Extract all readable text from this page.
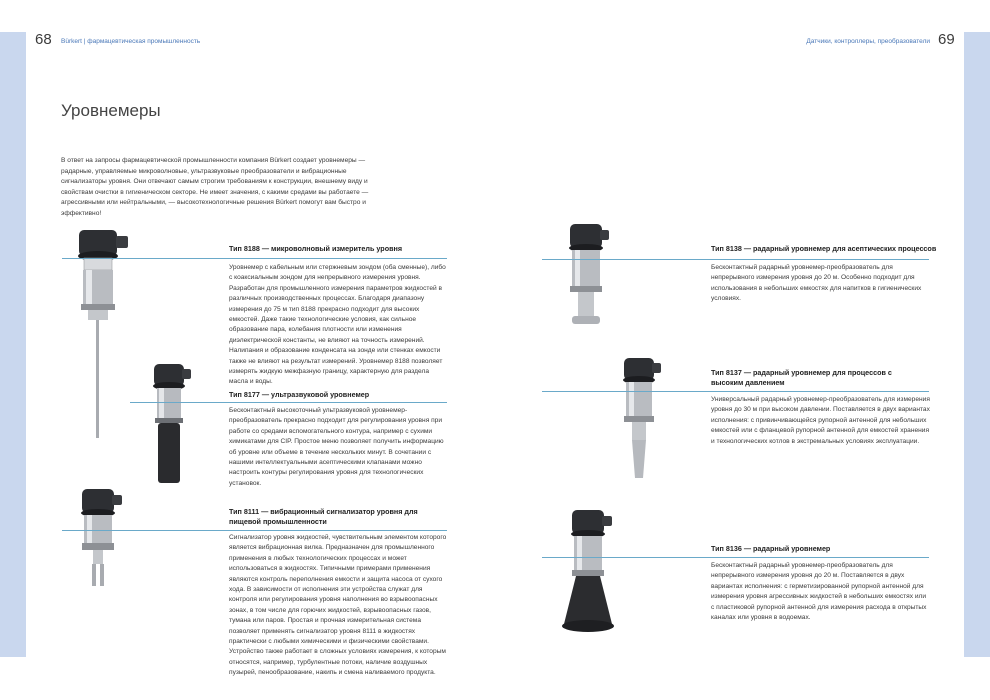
68 Bürkert | фармацевтическая промышленность	Датчики, контроллеры, преобразователи 69
Уровнемеры

В ответ на запросы фармацевтической промышленности компания Bürkert создает уровнемеры — радарные, управляемые микроволновые, ультразвуковые преобразователи и вибрационные сигнализаторы уровня. Они отвечают самым строгим требованиям к конструкции, внешнему виду и свойствам очистки в гигиеническом секторе. Не имеет значения, с какими средами вы работаете — агрессивными или нейтральными, — высокотехнологичные решения Bürkert помогут вам быстро и эффективно!

Тип 8188 — микроволновый измеритель уровня

Уровнемер с кабельным или стержневым зондом (оба сменные), либо с коаксиальным зондом для непрерывного измерения уровня. Разработан для промышленного измерения параметров жидкостей в различных производственных процессах. Благодаря диапазону измерения до 75 м тип 8188 прекрасно подходит для высоких емкостей. Даже такие технологические условия, как сильное образование пара, колебания плотности или изменения диэлектрической константы, не влияют на точность измерений. Налипания и образование конденсата на зонде или стенках емкости также не влияют на результат измерений. Уровнемер 8188 позволяет измерять жидкую межфазную границу, характерную для раздела масла и воды.

Тип 8177 — ультразвуковой уровнемер

Бесконтактный высокоточный ультразвуковой уровнемер-преобразователь прекрасно подходит для регулирования уровня при работе со средами вспомогательного контура, например с сухими химикатами для CIP. Простое меню позволяет получить информацию об уровне или объеме в течение нескольких минут. В сочетании с нашими интеллектуальными асептическими клапанами можно настроить контуры регулирования уровня для технологических установок.

Тип 8111 — вибрационный сигнализатор уровня для пищевой промышленности

Сигнализатор уровня жидкостей, чувствительным элементом которого является вибрационная вилка. Предназначен для промышленного применения в любых технологических процессах и может использоваться в жидкостях. Типичными примерами применения являются контроль переполнения емкости и защита насоса от сухого хода. В зависимости от исполнения эти устройства служат для контроля или регулирования уровня наполнения во взрывоопасных зонах, в том числе для горючих жидкостей, взрывоопасных газов, тумана или паров. Простая и прочная измерительная система позволяет применять сигнализатор уровня 8111 в жидкостях практически с любыми химическими и физическими свойствами. Устройство также работает в сложных условиях измерения, к которым относятся, например, турбулентные потоки, наличие воздушных пузырей, пенообразование, накипь и смена наливаемого продукта.

Тип 8138 — радарный уровнемер для асептических процессов

Бесконтактный радарный уровнемер-преобразователь для непрерывного измерения уровня до 20 м. Особенно подходит для использования в небольших емкостях для напитков в гигиенических условиях.

Тип 8137 — радарный уровнемер для процессов с высоким давлением

Универсальный радарный уровнемер-преобразователь для измерения уровня до 30 м при высоком давлении. Поставляется в двух вариантах исполнения: с привинчивающейся рупорной антенной для небольших емкостей или с фланцевой рупорной антенной для емкостей хранения и технологических котлов в экстремальных условиях эксплуатации.

Тип 8136 — радарный уровнемер

Бесконтактный радарный уровнемер-преобразователь для непрерывного измерения уровня до 20 м. Поставляется в двух вариантах исполнения: с герметизированной рупорной антенной для измерения уровня агрессивных жидкостей в небольших емкостях или с пластиковой рупорной антенной для измерения расхода в открытых каналах или уровня в водоемах.
